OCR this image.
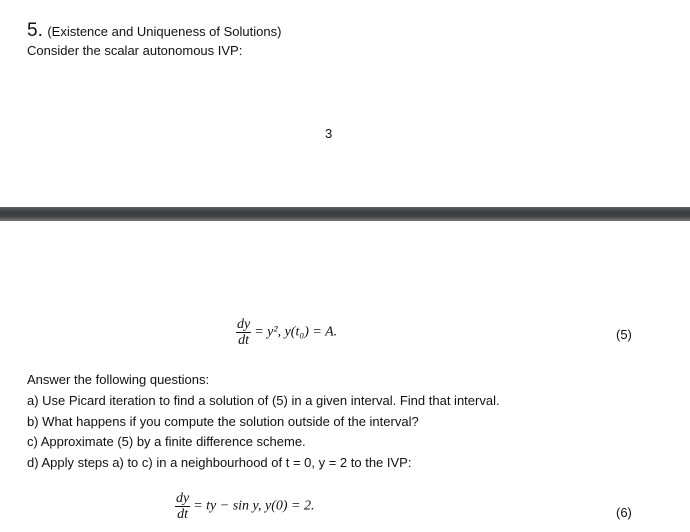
5. (Existence and Uniqueness of Solutions)
Consider the scalar autonomous IVP:
3
$\frac{dy}{dt} = y^2$, y(t₀) = A.	(5)
Answer the following questions:
a) Use Picard iteration to find a solution of (5) in a given interval. Find that interval.
b) What happens if you compute the solution outside of the interval?
c) Approximate (5) by a finite difference scheme.
d) Apply steps a) to c) in a neighbourhood of t = 0, y = 2 to the IVP:
$\frac{dy}{dt}$ = ty − sin y, y(0) = 2.	(6)
